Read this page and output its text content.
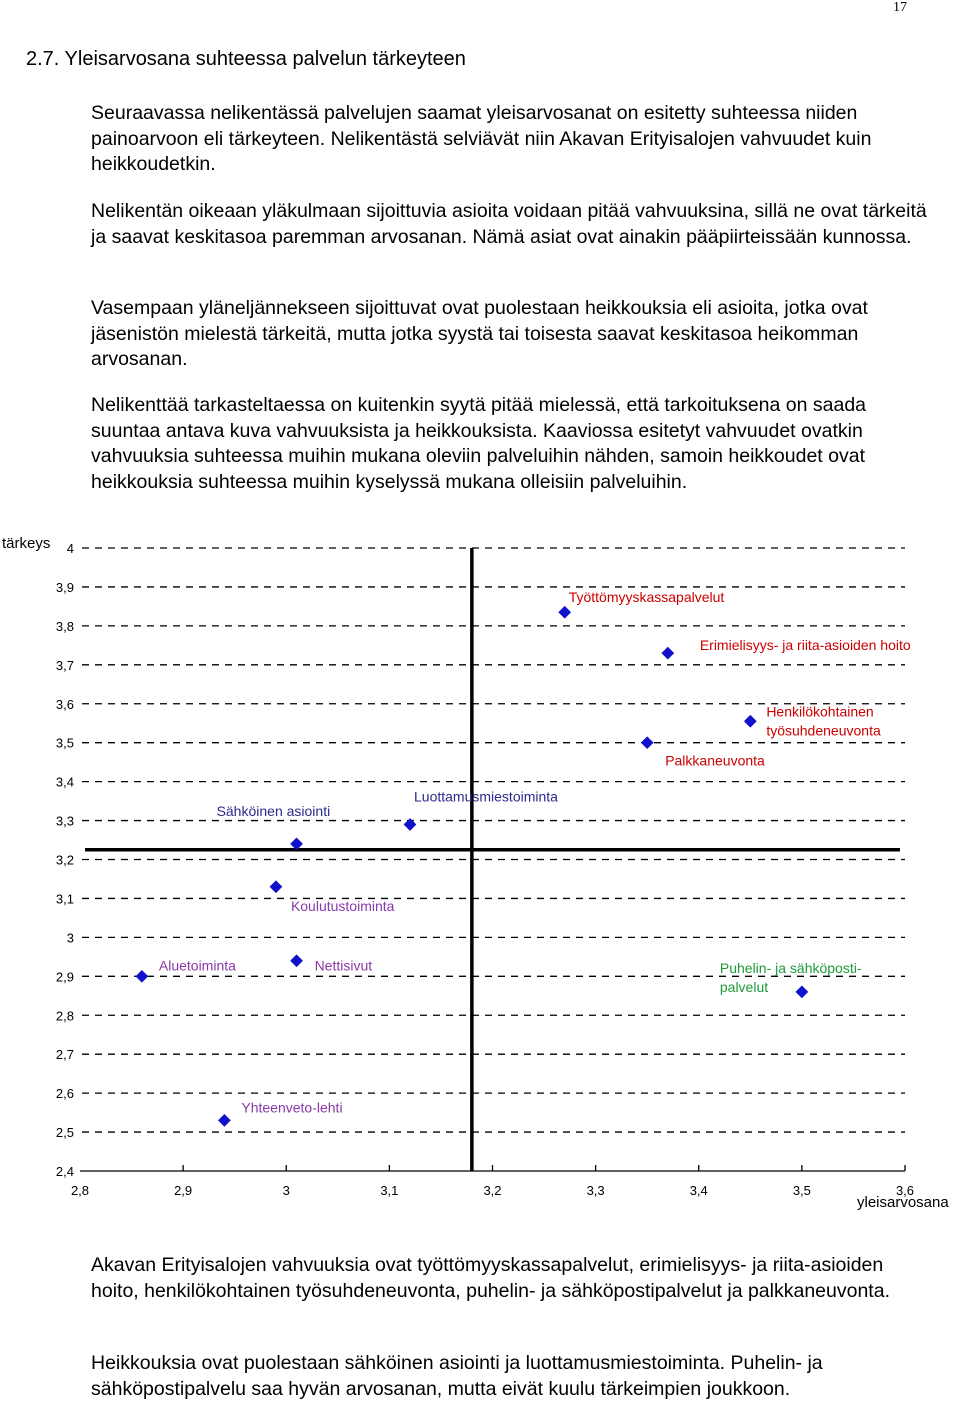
17
2.7. Yleisarvosana suhteessa palvelun tärkeyteen

Seuraavassa nelikentässä palvelujen saamat yleisarvosanat on esitetty suhteessa niiden painoarvoon eli tärkeyteen. Nelikentästä selviävät niin Akavan Erityisalojen vahvuudet kuin heikkoudetkin.

Nelikentän oikeaan yläkulmaan sijoittuvia asioita voidaan pitää vahvuuksina, sillä ne ovat tärkeitä ja saavat keskitasoa paremman arvosanan. Nämä asiat ovat ainakin pääpiirteissään kunnossa.

Vasempaan yläneljännekseen sijoittuvat ovat puolestaan heikkouksia eli asioita, jotka ovat jäsenistön mielestä tärkeitä, mutta jotka syystä tai toisesta saavat keskitasoa heikomman arvosanan.

Nelikenttää tarkasteltaessa on kuitenkin syytä pitää mielessä, että tarkoituksena on saada suuntaa antava kuva vahvuuksista ja heikkouksista. Kaaviossa esitetyt vahvuudet ovatkin vahvuuksia suhteessa muihin mukana oleviin palveluihin nähden, samoin heikkoudet ovat heikkouksia suhteessa muihin kyselyssä mukana olleisiin palveluihin.

4
3,9
3,8
3,7
3,6
3,5
3,4
3,3
3,2
3,1
3
2,9
2,8
2,7
2,6
2,5
2,4
2,8	2,9	3	3,1	3,2	3,3	3,4	3,5	3,6
Työttömyyskassapalvelut
Erimielisyys- ja riita-asioiden hoito
Henkilökohtainen työsuhdeneuvonta
Palkkaneuvonta
Luottamusmiestoiminta
Sähköinen asiointi
Koulutustoiminta
Nettisivut
Aluetoiminta	Puhelin- ja sähköposti-palvelut
Yhteenveto-lehti
tärkeys
yleisarvosana

Akavan Erityisalojen vahvuuksia ovat työttömyyskassapalvelut, erimielisyys- ja riita-asioiden hoito, henkilökohtainen työsuhdeneuvonta, puhelin- ja sähköpostipalvelut ja palkkaneuvonta.

Heikkouksia ovat puolestaan sähköinen asiointi ja luottamusmiestoiminta. Puhelin- ja sähköpostipalvelu saa hyvän arvosanan, mutta eivät kuulu tärkeimpien joukkoon.
